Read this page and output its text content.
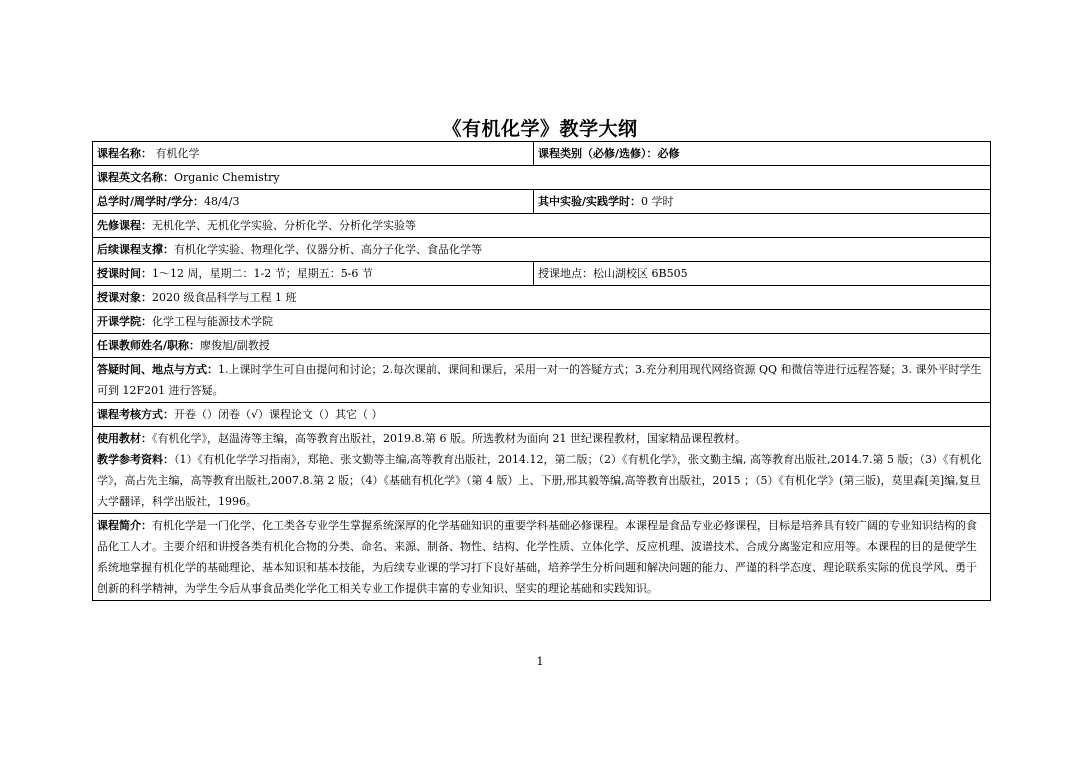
《有机化学》教学大纲
课程名称： 有机化学	课程类别（必修/选修）：必修
课程英文名称：Organic Chemistry	
总学时/周学时/学分：48/4/3	其中实验/实践学时：0 学时
先修课程：无机化学、无机化学实验、分析化学、分析化学实验等	
后续课程支撑：有机化学实验、物理化学、仪器分析、高分子化学、食品化学等	
授课时间：1～12 周，星期二：1-2 节；星期五：5-6 节	授课地点：松山湖校区 6B505
授课对象：2020 级食品科学与工程 1 班	
开课学院：化学工程与能源技术学院	
任课教师姓名/职称：廖俊旭/副教授	
答疑时间、地点与方式：1.上课时学生可自由提问和讨论；2.每次课前、课间和课后，采用一对一的答疑方式；3.充分利用现代网络资源 QQ 和微信等进行远程答疑；3. 课外平时学生可到 12F201 进行答疑。	
课程考核方式：开卷（）闭卷（√）课程论文（）其它（ ）	

使用教材：《有机化学》，赵温涛等主编，高等教育出版社，2019.8.第 6 版。所选教材为面向 21 世纪课程教材，国家精品课程教材。
教学参考资料：（1）《有机化学学习指南》，郑艳、张文勤等主编,高等教育出版社，2014.12，第二版；（2）《有机化学》，张文勤主编, 高等教育出版社,2014.7.第 5 版；（3）《有机化学》，高占先主编，高等教育出版社,2007.8.第 2 版；（4）《基础有机化学》（第 4 版）上、下册,邢其毅等编,高等教育出版社，2015 ；（5）《有机化学》(第三版)，莫里森[美]编,复旦大学翻译，科学出版社，1996。	

课程简介：有机化学是一门化学、化工类各专业学生掌握系统深厚的化学基础知识的重要学科基础必修课程。本课程是食品专业必修课程，目标是培养具有较广阔的专业知识结构的食品化工人才。主要介绍和讲授各类有机化合物的分类、命名、来源、制备、物性、结构、化学性质、立体化学、反应机理、波谱技术、合成分离鉴定和应用等。本课程的目的是使学生系统地掌握有机化学的基础理论、基本知识和基本技能，为后续专业课的学习打下良好基础，培养学生分析问题和解决问题的能力、严谨的科学态度、理论联系实际的优良学风、勇于创新的科学精神，为学生今后从事食品类化学化工相关专业工作提供丰富的专业知识、坚实的理论基础和实践知识。	
1
